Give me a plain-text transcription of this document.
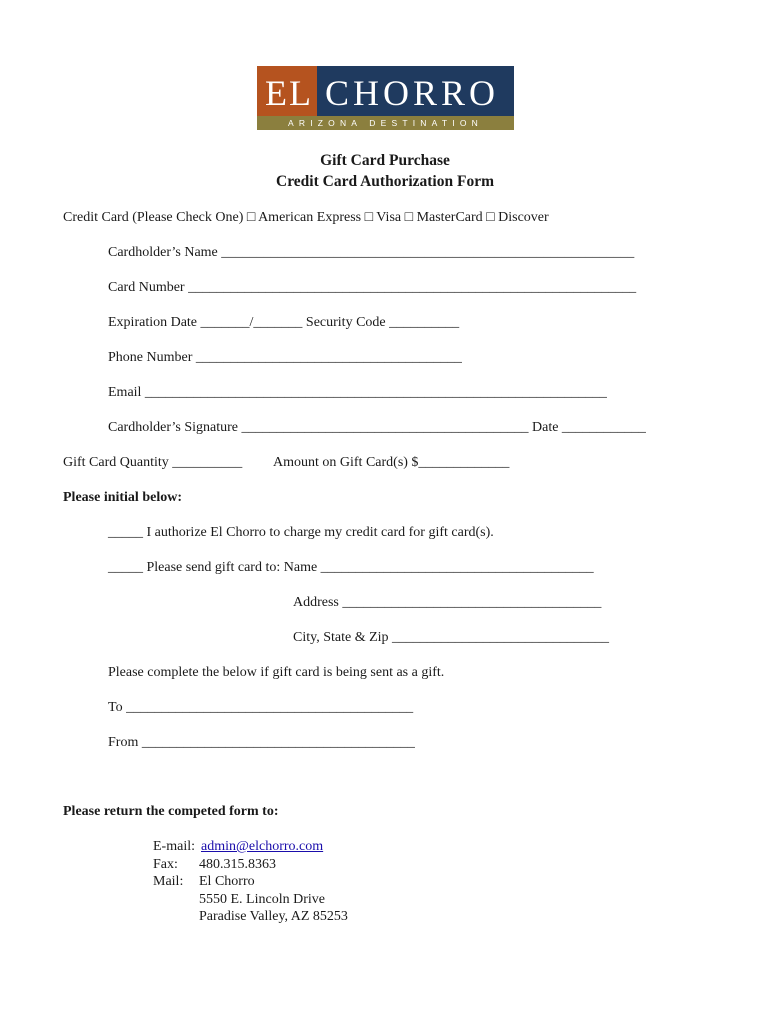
EL CHORRO
ARIZONA DESTINATION DINING
Gift Card Purchase
Credit Card Authorization Form
Credit Card (Please Check One) □ American Express □ Visa □ MasterCard □ Discover
Cardholder’s Name ___________________________________________________________
Card Number ________________________________________________________________
Expiration Date _______/_______ Security Code __________
Phone Number ______________________________________
Email __________________________________________________________________
Cardholder’s Signature _________________________________________ Date ____________
Gift Card Quantity __________ Amount on Gift Card(s) $_____________
Please initial below:
_____ I authorize El Chorro to charge my credit card for gift card(s).
_____ Please send gift card to: Name _______________________________________
Address _____________________________________
City, State & Zip _______________________________
Please complete the below if gift card is being sent as a gift.
To _________________________________________
From _______________________________________
Please return the competed form to:
E-mail: admin@elchorro.com
Fax: 480.315.8363
Mail: El Chorro
5550 E. Lincoln Drive
Paradise Valley, AZ 85253
